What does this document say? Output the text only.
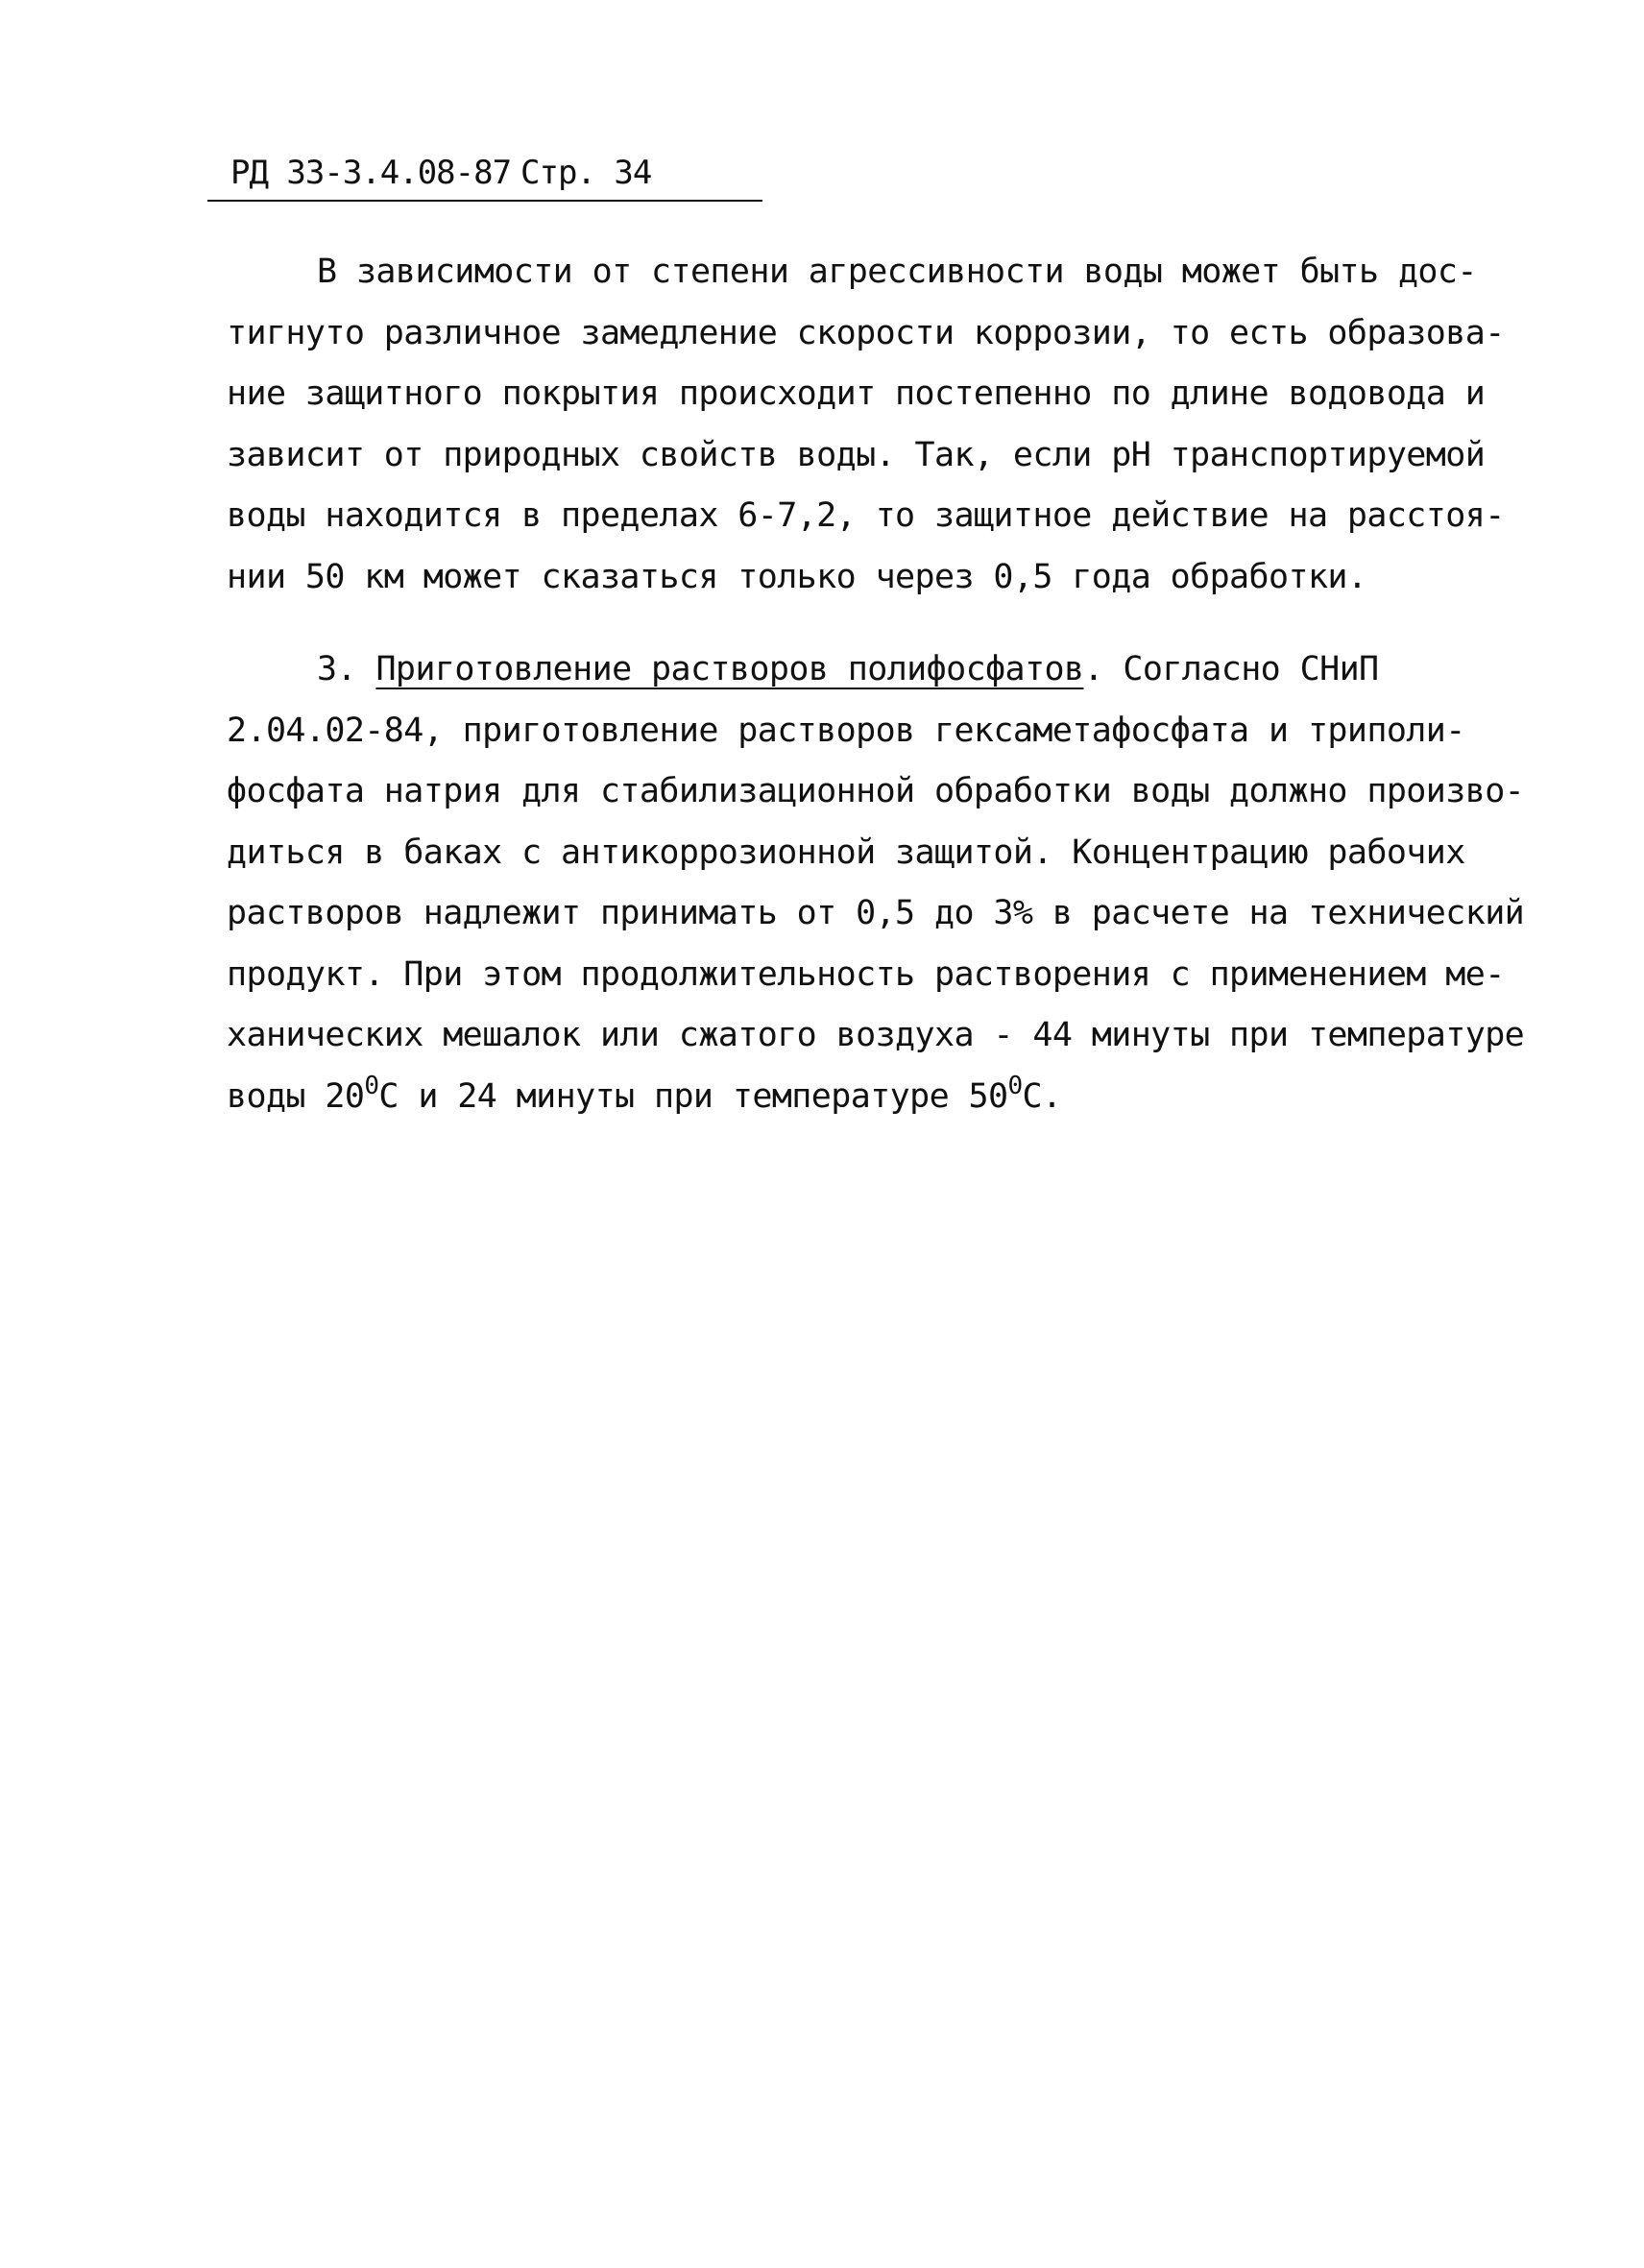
РД 33-3.4.08-87 Стр. 34
В зависимости от степени агрессивности воды может быть дос-
тигнуто различное замедление скорости коррозии, то есть образова-
ние защитного покрытия происходит постепенно по длине водовода и
зависит от природных свойств воды. Так, если pH транспортируемой
воды находится в пределах 6-7,2, то защитное действие на расстоя-
нии 50 км может сказаться только через 0,5 года обработки.
3. Приготовление растворов полифосфатов. Согласно СНиП
2.04.02-84, приготовление растворов гексаметафосфата и триполи-
фосфата натрия для стабилизационной обработки воды должно произво-
диться в баках с антикоррозионной защитой. Концентрацию рабочих
растворов надлежит принимать от 0,5 до 3% в расчете на технический
продукт. При этом продолжительность растворения с применением ме-
ханических мешалок или сжатого воздуха - 44 минуты при температуре
воды $20^0С$ и 24 минуты при температуре $50^0С$.
